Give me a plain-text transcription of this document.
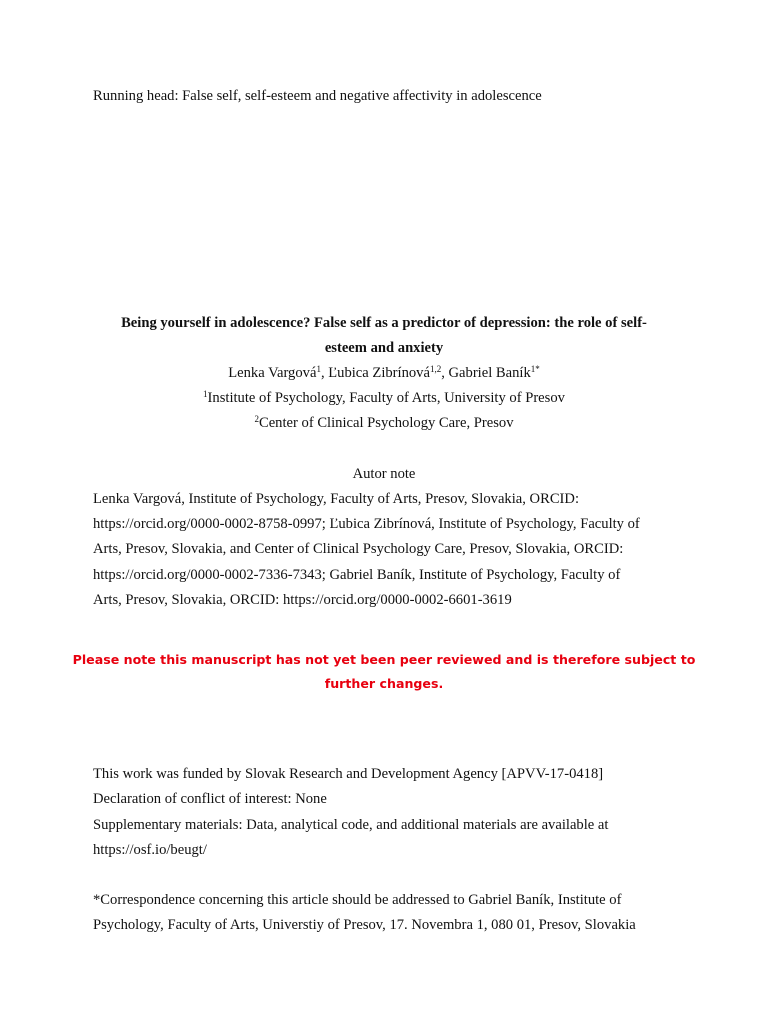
Running head: False self, self-esteem and negative affectivity in adolescence
Being yourself in adolescence? False self as a predictor of depression: the role of self-
esteem and anxiety
Lenka Vargová$^1$, Ľubica Zibrínová$^{1,2}$, Gabriel Baník$^{1*}$
$^1$Institute of Psychology, Faculty of Arts, University of Presov
$^2$Center of Clinical Psychology Care, Presov
Autor note
Lenka Vargová, Institute of Psychology, Faculty of Arts, Presov, Slovakia, ORCID:
https://orcid.org/0000-0002-8758-0997; Ľubica Zibrínová, Institute of Psychology, Faculty of
Arts, Presov, Slovakia, and Center of Clinical Psychology Care, Presov, Slovakia, ORCID:
https://orcid.org/0000-0002-7336-7343; Gabriel Baník, Institute of Psychology, Faculty of
Arts, Presov, Slovakia, ORCID: https://orcid.org/0000-0002-6601-3619
Please note this manuscript has not yet been peer reviewed and is therefore subject to
further changes.
This work was funded by Slovak Research and Development Agency [APVV-17-0418]
Declaration of conflict of interest: None
Supplementary materials: Data, analytical code, and additional materials are available at
https://osf.io/beugt/
*Correspondence concerning this article should be addressed to Gabriel Baník, Institute of
Psychology, Faculty of Arts, Universtiy of Presov, 17. Novembra 1, 080 01, Presov, Slovakia
